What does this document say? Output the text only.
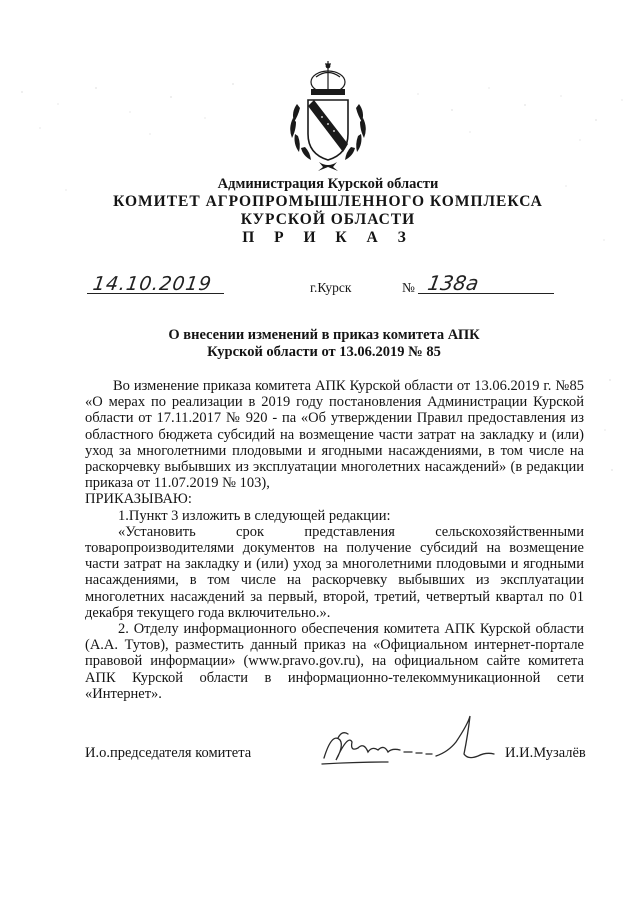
Администрация Курской области
КОМИТЕТ АГРОПРОМЫШЛЕННОГО КОМПЛЕКСА
КУРСКОЙ ОБЛАСТИ
П Р И К А З
14.10.2019	г.Курск	№ 138а
О внесении изменений в приказ комитета АПК
Курской области от 13.06.2019 № 85

Во изменение приказа комитета АПК Курской области от 13.06.2019 г. №85 «О мерах по реализации в 2019 году постановления Администрации Курской области от 17.11.2017 № 920 - па «Об утверждении Правил предоставления из областного бюджета субсидий на возмещение части затрат на закладку и (или) уход за многолетними плодовыми и ягодными насаждениями, в том числе на раскорчевку выбывших из эксплуатации многолетних насаждений» (в редакции приказа от 11.07.2019 № 103),

ПРИКАЗЫВАЮ:

1.Пункт 3 изложить в следующей редакции:

«Установить срок представления сельскохозяйственными товаропроизводителями документов на получение субсидий на возмещение части затрат на закладку и (или) уход за многолетними плодовыми и ягодными насаждениями, в том числе на раскорчевку выбывших из эксплуатации многолетних насаждений за первый, второй, третий, четвертый квартал по 01 декабря текущего года включительно.».

2. Отделу информационного обеспечения комитета АПК Курской области (А.А. Тутов), разместить данный приказ на «Официальном интернет-портале правовой информации» (www.pravo.gov.ru), на официальном сайте комитета АПК Курской области в информационно-телекоммуникационной сети «Интернет».

И.о.председателя комитета	И.И.Музалёв
